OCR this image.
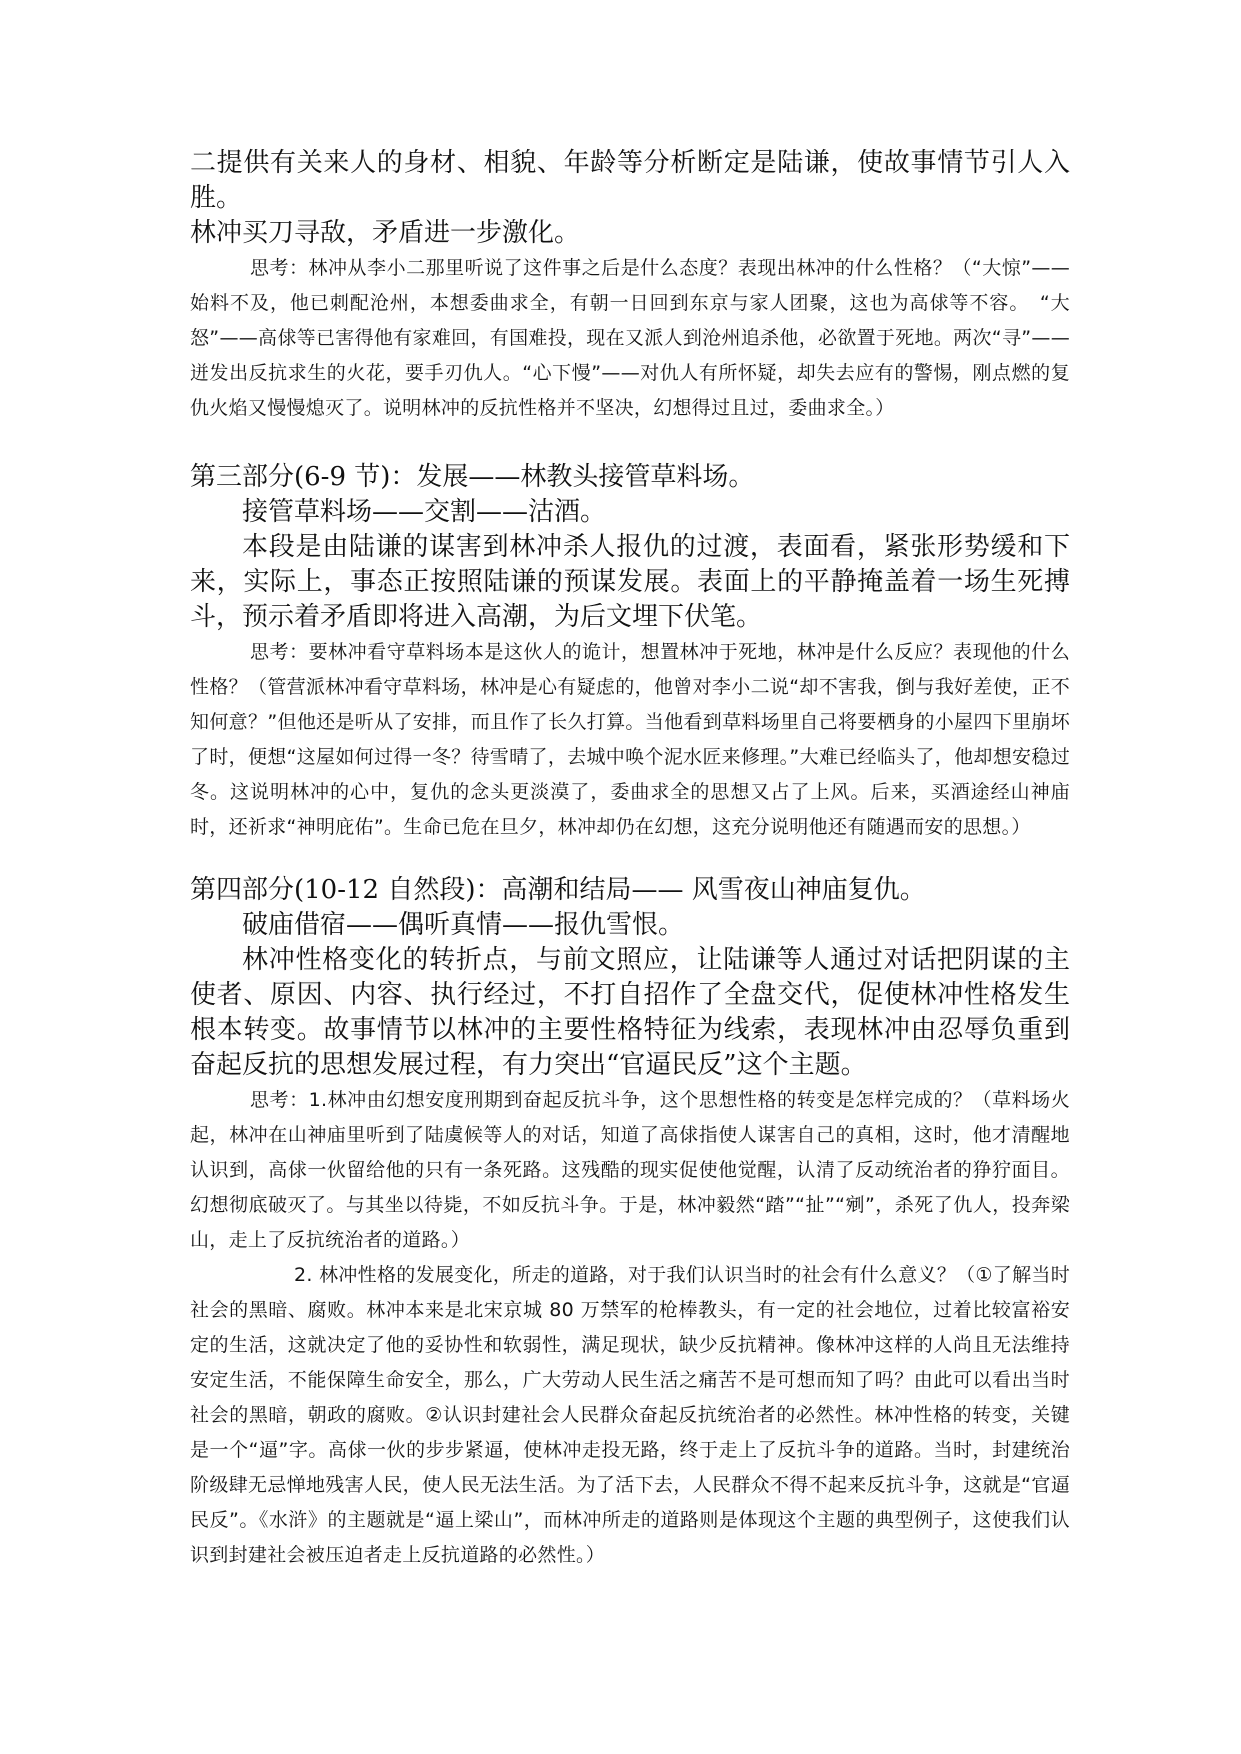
二提供有关来人的身材、相貌、年龄等分析断定是陆谦，使故事情节引人入胜。

林冲买刀寻敌，矛盾进一步激化。

思考：林冲从李小二那里听说了这件事之后是什么态度？表现出林冲的什么性格？（“大惊”——始料不及，他已刺配沧州，本想委曲求全，有朝一日回到东京与家人团聚，这也为高俅等不容。　“大怒”——高俅等已害得他有家难回，有国难投，现在又派人到沧州追杀他，必欲置于死地。两次“寻”——迸发出反抗求生的火花，要手刃仇人。“心下慢”——对仇人有所怀疑，却失去应有的警惕，刚点燃的复仇火焰又慢慢熄灭了。说明林冲的反抗性格并不坚决，幻想得过且过，委曲求全。）

第三部分(6-9 节)：发展——林教头接管草料场。

接管草料场——交割——沽酒。

本段是由陆谦的谋害到林冲杀人报仇的过渡，表面看，紧张形势缓和下来，实际上，事态正按照陆谦的预谋发展。表面上的平静掩盖着一场生死搏斗，预示着矛盾即将进入高潮，为后文埋下伏笔。

思考：要林冲看守草料场本是这伙人的诡计，想置林冲于死地，林冲是什么反应？表现他的什么性格？（管营派林冲看守草料场，林冲是心有疑虑的，他曾对李小二说“却不害我，倒与我好差使，正不知何意？”但他还是听从了安排，而且作了长久打算。当他看到草料场里自己将要栖身的小屋四下里崩坏了时，便想“这屋如何过得一冬？待雪晴了，去城中唤个泥水匠来修理。”大难已经临头了，他却想安稳过冬。这说明林冲的心中，复仇的念头更淡漠了，委曲求全的思想又占了上风。后来，买酒途经山神庙时，还祈求“神明庇佑”。生命已危在旦夕，林冲却仍在幻想，这充分说明他还有随遇而安的思想。）

第四部分(10-12 自然段)：高潮和结局—— 风雪夜山神庙复仇。

破庙借宿——偶听真情——报仇雪恨。

林冲性格变化的转折点，与前文照应，让陆谦等人通过对话把阴谋的主使者、原因、内容、执行经过，不打自招作了全盘交代，促使林冲性格发生根本转变。故事情节以林冲的主要性格特征为线索，表现林冲由忍辱负重到奋起反抗的思想发展过程，有力突出“官逼民反”这个主题。

思考：1.林冲由幻想安度刑期到奋起反抗斗争，这个思想性格的转变是怎样完成的？（草料场火起，林冲在山神庙里听到了陆虞候等人的对话，知道了高俅指使人谋害自己的真相，这时，他才清醒地认识到，高俅一伙留给他的只有一条死路。这残酷的现实促使他觉醒，认清了反动统治者的狰狞面目。幻想彻底破灭了。与其坐以待毙，不如反抗斗争。于是，林冲毅然“踏”“扯”“剜”，杀死了仇人，投奔梁山，走上了反抗统治者的道路。）

2. 林冲性格的发展变化，所走的道路，对于我们认识当时的社会有什么意义？（①了解当时社会的黑暗、腐败。林冲本来是北宋京城 80 万禁军的枪棒教头，有一定的社会地位，过着比较富裕安定的生活，这就决定了他的妥协性和软弱性，满足现状，缺少反抗精神。像林冲这样的人尚且无法维持安定生活，不能保障生命安全，那么，广大劳动人民生活之痛苦不是可想而知了吗？由此可以看出当时社会的黑暗，朝政的腐败。②认识封建社会人民群众奋起反抗统治者的必然性。林冲性格的转变，关键是一个“逼”字。高俅一伙的步步紧逼，使林冲走投无路，终于走上了反抗斗争的道路。当时，封建统治阶级肆无忌惮地残害人民，使人民无法生活。为了活下去，人民群众不得不起来反抗斗争，这就是“官逼民反”。《水浒》的主题就是“逼上梁山”，而林冲所走的道路则是体现这个主题的典型例子，这使我们认识到封建社会被压迫者走上反抗道路的必然性。）
